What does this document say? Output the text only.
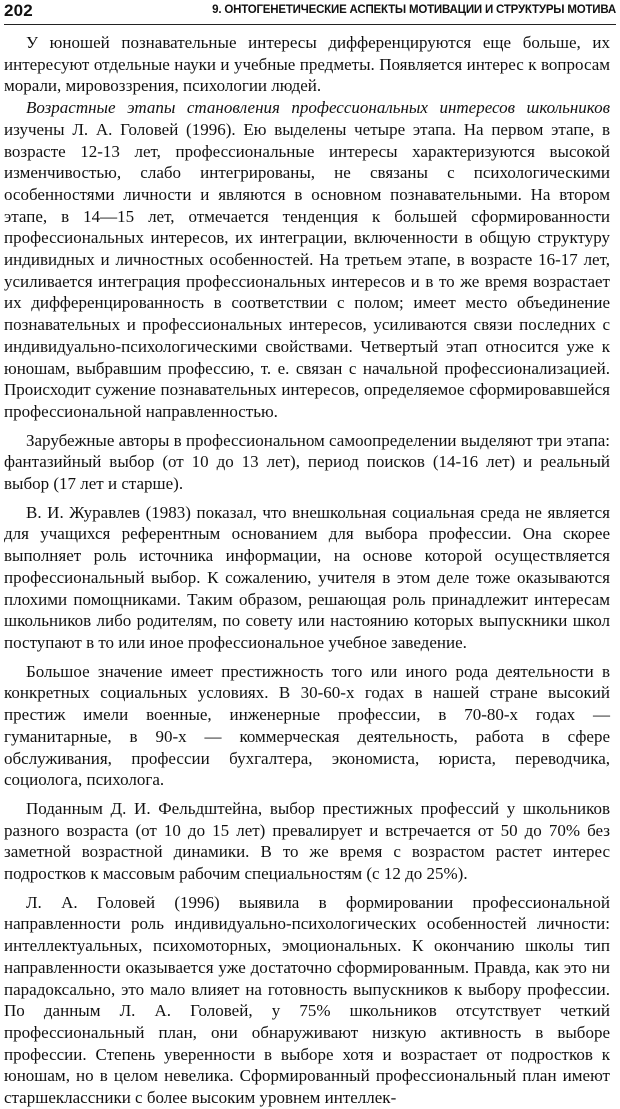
202	9. ОНТОГЕНЕТИЧЕСКИЕ АСПЕКТЫ МОТИВАЦИИ И СТРУКТУРЫ МОТИВА

У юношей познавательные интересы дифференцируются еще больше, их интересуют отдельные науки и учебные предметы. Появляется интерес к вопросам морали, мировоззрения, психологии людей.

Возрастные этапы становления профессиональных интересов школьников изучены Л. А. Головей (1996). Ею выделены четыре этапа. На первом этапе, в возрасте 12-13 лет, профессиональные интересы характеризуются высокой изменчивостью, слабо интегрированы, не связаны с психологическими особенностями личности и являются в основном познавательными. На втором этапе, в 14—15 лет, отмечается тенденция к большей сформированности профессиональных интересов, их интеграции, включенности в общую структуру индивидных и личностных особенностей. На третьем этапе, в возрасте 16-17 лет, усиливается интеграция профессиональных интересов и в то же время возрастает их дифференцированность в соответствии с полом; имеет место объединение познавательных и профессиональных интересов, усиливаются связи последних с индивидуально-психологическими свойствами. Четвертый этап относится уже к юношам, выбравшим профессию, т. е. связан с начальной профессионализацией. Происходит сужение познавательных интересов, определяемое сформировавшейся профессиональной направленностью.

Зарубежные авторы в профессиональном самоопределении выделяют три этапа: фантазийный выбор (от 10 до 13 лет), период поисков (14-16 лет) и реальный выбор (17 лет и старше).

В. И. Журавлев (1983) показал, что внешкольная социальная среда не является для учащихся референтным основанием для выбора профессии. Она скорее выполняет роль источника информации, на основе которой осуществляется профессиональный выбор. К сожалению, учителя в этом деле тоже оказываются плохими помощниками. Таким образом, решающая роль принадлежит интересам школьников либо родителям, по совету или настоянию которых выпускники школ поступают в то или иное профессиональное учебное заведение.

Большое значение имеет престижность того или иного рода деятельности в конкретных социальных условиях. В 30-60-х годах в нашей стране высокий престиж имели военные, инженерные профессии, в 70-80-х годах — гуманитарные, в 90-х — коммерческая деятельность, работа в сфере обслуживания, профессии бухгалтера, экономиста, юриста, переводчика, социолога, психолога.

Поданным Д. И. Фельдштейна, выбор престижных профессий у школьников разного возраста (от 10 до 15 лет) превалирует и встречается от 50 до 70% без заметной возрастной динамики. В то же время с возрастом растет интерес подростков к массовым рабочим специальностям (с 12 до 25%).

Л. А. Головей (1996) выявила в формировании профессиональной направленности роль индивидуально-психологических особенностей личности: интеллектуальных, психомоторных, эмоциональных. К окончанию школы тип направленности оказывается уже достаточно сформированным. Правда, как это ни парадоксально, это мало влияет на готовность выпускников к выбору профессии. По данным Л. А. Головей, у 75% школьников отсутствует четкий профессиональный план, они обнаруживают низкую активность в выборе профессии. Степень уверенности в выборе хотя и возрастает от подростков к юношам, но в целом невелика. Сформированный профессиональный план имеют старшеклассники с более высоким уровнем интеллек-
